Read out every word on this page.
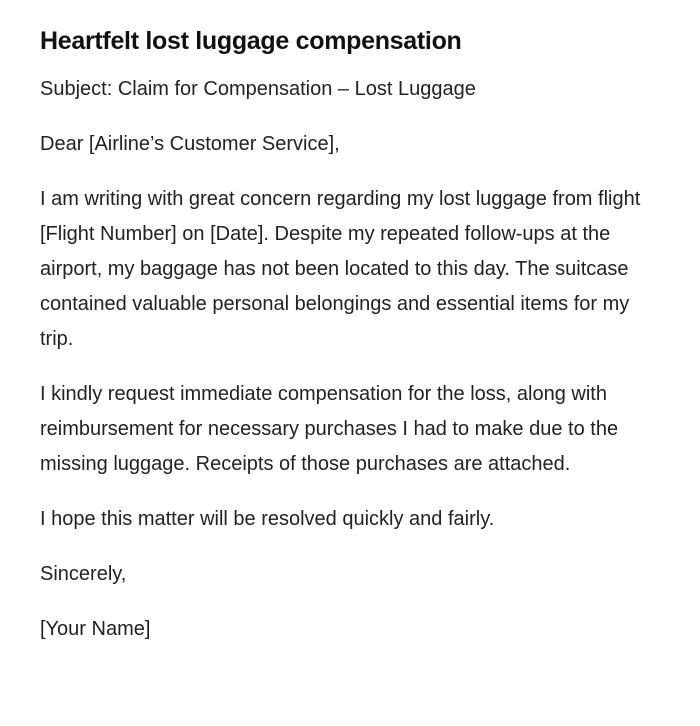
Heartfelt lost luggage compensation

Subject: Claim for Compensation – Lost Luggage

Dear [Airline’s Customer Service],

I am writing with great concern regarding my lost luggage from flight [Flight Number] on [Date]. Despite my repeated follow-ups at the airport, my baggage has not been located to this day. The suitcase contained valuable personal belongings and essential items for my trip.

I kindly request immediate compensation for the loss, along with reimbursement for necessary purchases I had to make due to the missing luggage. Receipts of those purchases are attached.

I hope this matter will be resolved quickly and fairly.

Sincerely,

[Your Name]
